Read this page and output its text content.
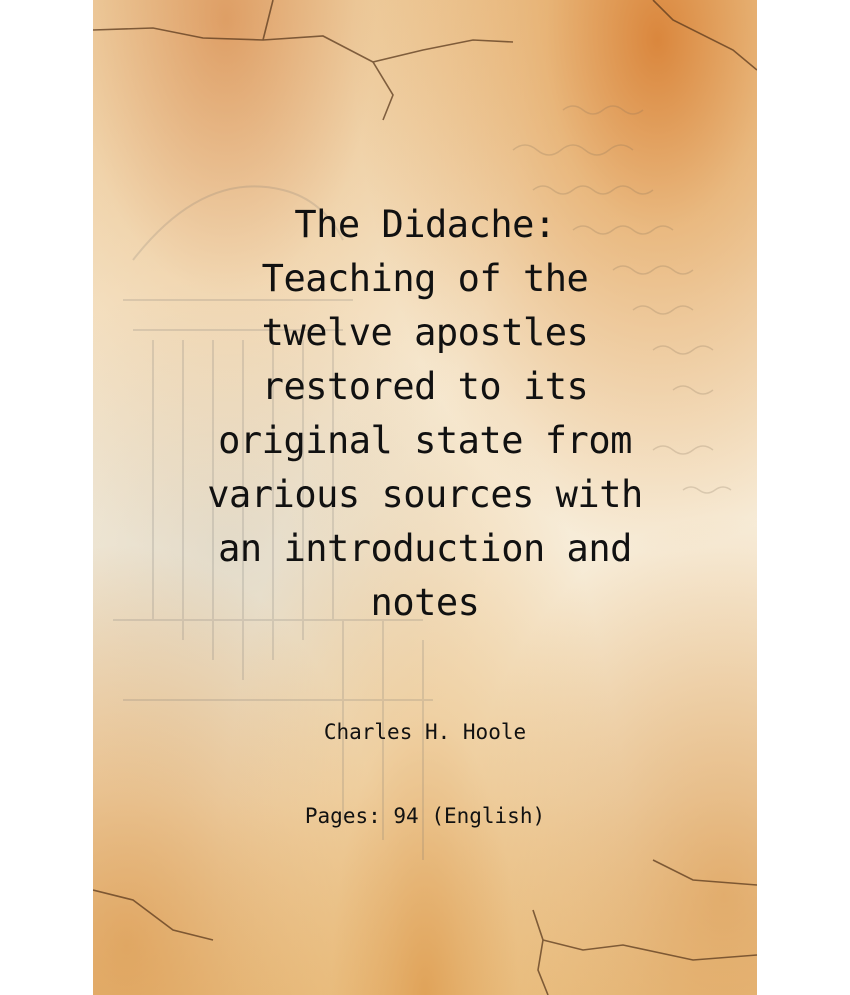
The Didache:
Teaching of the
twelve apostles
restored to its
original state from
various sources with
an introduction and
notes
Charles H. Hoole
Pages: 94 (English)
